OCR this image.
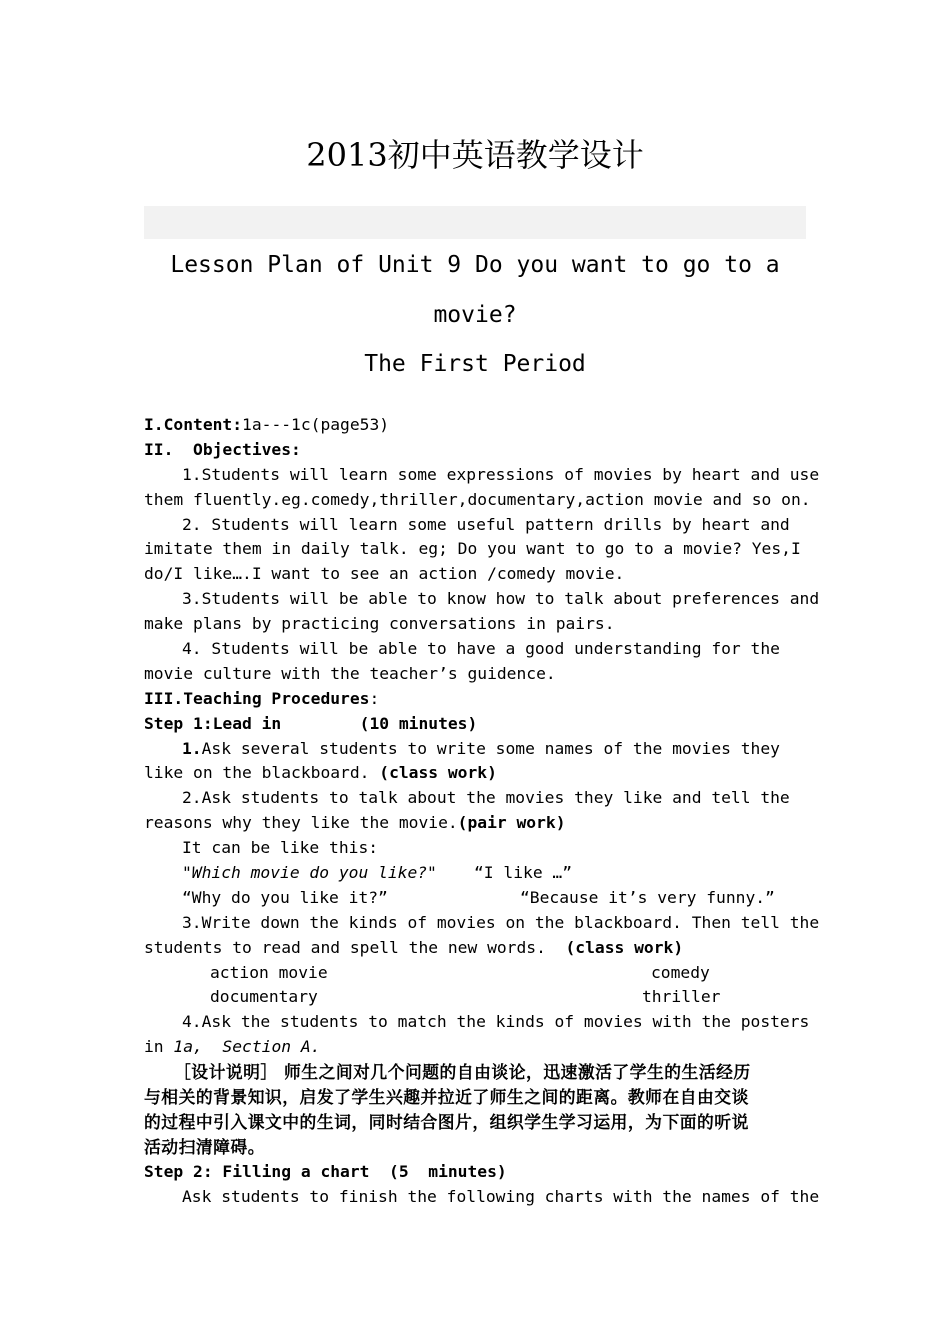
2013初中英语教学设计
Lesson Plan of Unit 9 Do you want to go to a
movie?
The First Period
I.Content:1a---1c(page53)
II.  Objectives:
1.Students will learn some expressions of movies by heart and use
them fluently.eg.comedy,thriller,documentary,action movie and so on.
2. Students will learn some useful pattern drills by heart and
imitate them in daily talk. eg; Do you want to go to a movie? Yes,I
do/I like….I want to see an action /comedy movie.
3.Students will be able to know how to talk about preferences and
make plans by practicing conversations in pairs.
4. Students will be able to have a good understanding for the
movie culture with the teacher’s guidence.
III.Teaching Procedures:
Step 1:Lead in        (10 minutes)
1.Ask several students to write some names of the movies they
like on the blackboard. (class work)
2.Ask students to talk about the movies they like and tell the
reasons why they like the movie.(pair work)
It can be like this:
"Which movie do you like?" “I like …”
“Why do you like it?”	“Because it’s very funny.”
3.Write down the kinds of movies on the blackboard. Then tell the
students to read and spell the new words.  (class work)
action movie	comedy
documentary	thriller
4.Ask the students to match the kinds of movies with the posters
in 1a,  Section A.
［设计说明］ 师生之间对几个问题的自由谈论，迅速激活了学生的生活经历
与相关的背景知识，启发了学生兴趣并拉近了师生之间的距离。教师在自由交谈
的过程中引入课文中的生词，同时结合图片，组织学生学习运用，为下面的听说
活动扫清障碍。
Step 2: Filling a chart  (5  minutes)
Ask students to finish the following charts with the names of the
